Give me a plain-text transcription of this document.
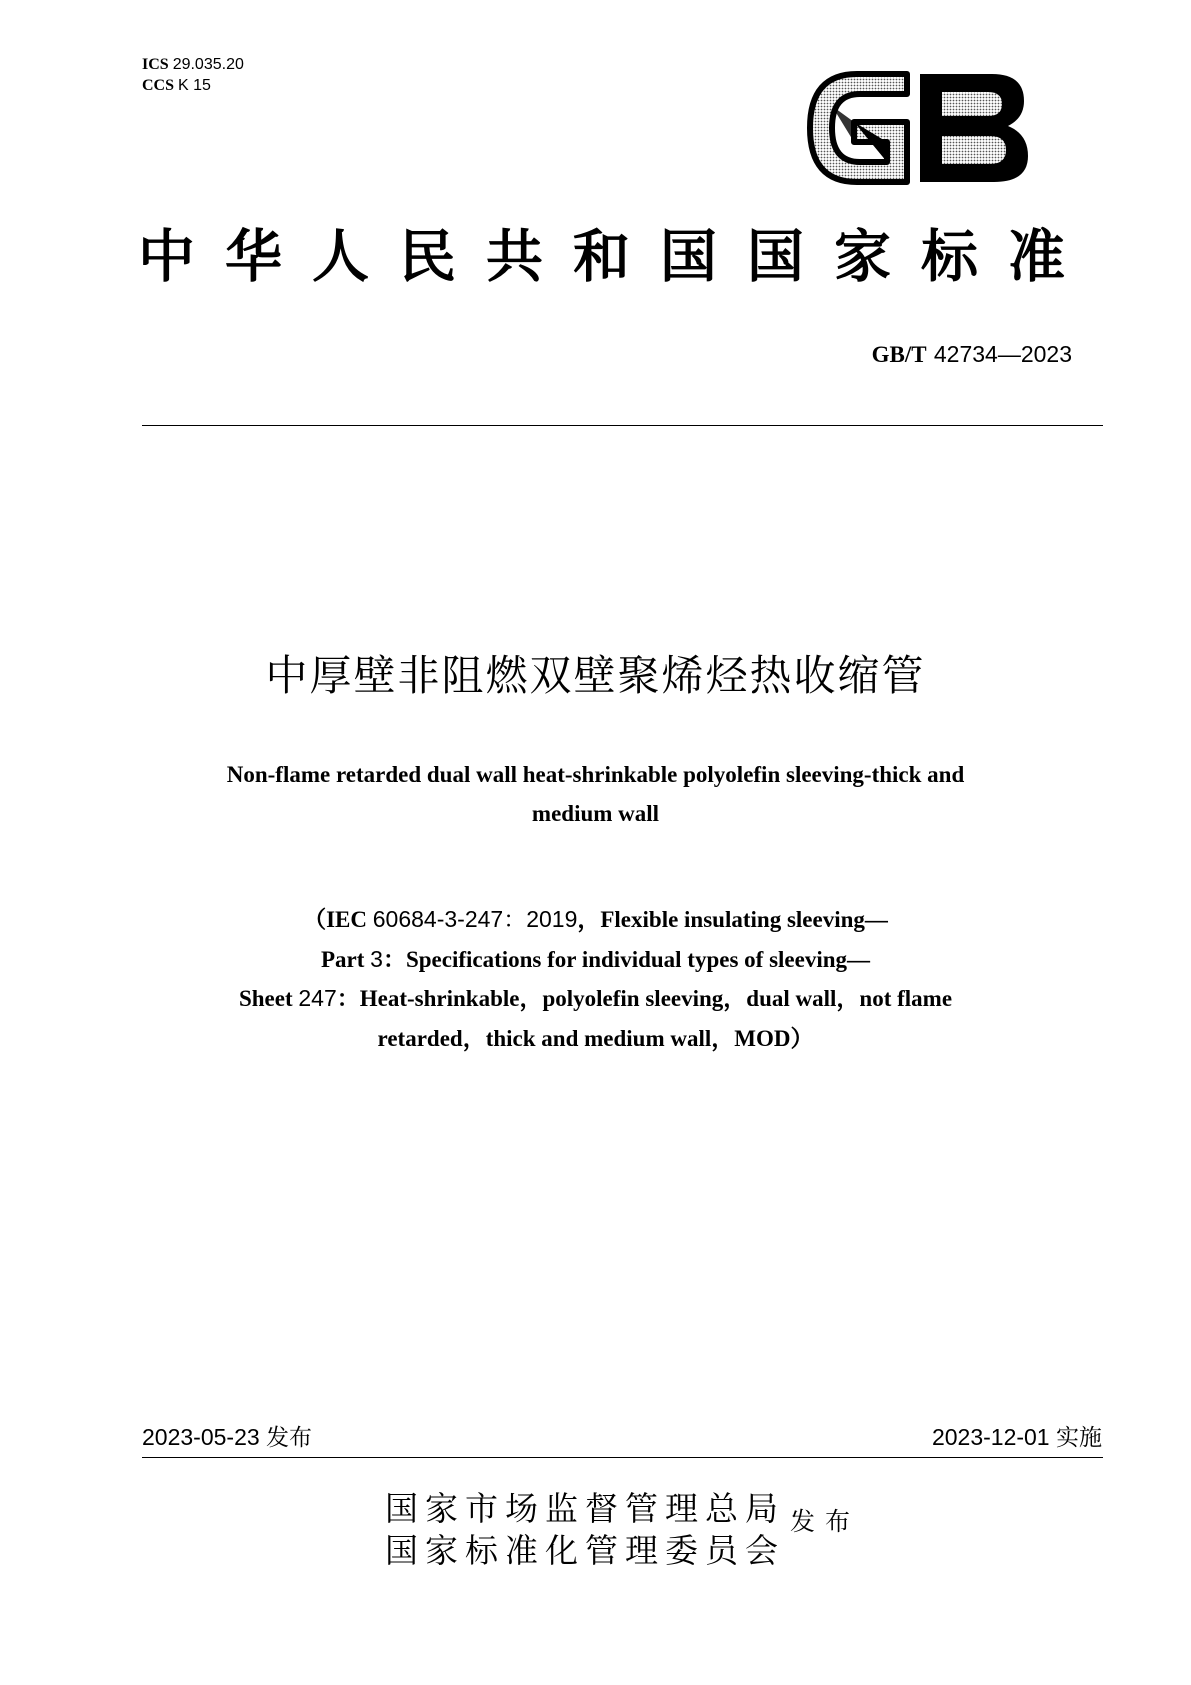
ICS 29.035.20
CCS K 15
中华人民共和国国家标准
GB/T 42734—2023
中厚壁非阻燃双壁聚烯烃热收缩管
Non-flame retarded dual wall heat-shrinkable polyolefin sleeving-thick and
medium wall
（IEC 60684-3-247：2019，Flexible insulating sleeving—
Part 3：Specifications for individual types of sleeving—
Sheet 247：Heat-shrinkable，polyolefin sleeving，dual wall，not flame
retarded，thick and medium wall，MOD）
2023-05-23 发布	2023-12-01 实施
国家市场监督管理总局
国家标准化管理委员会
发布
